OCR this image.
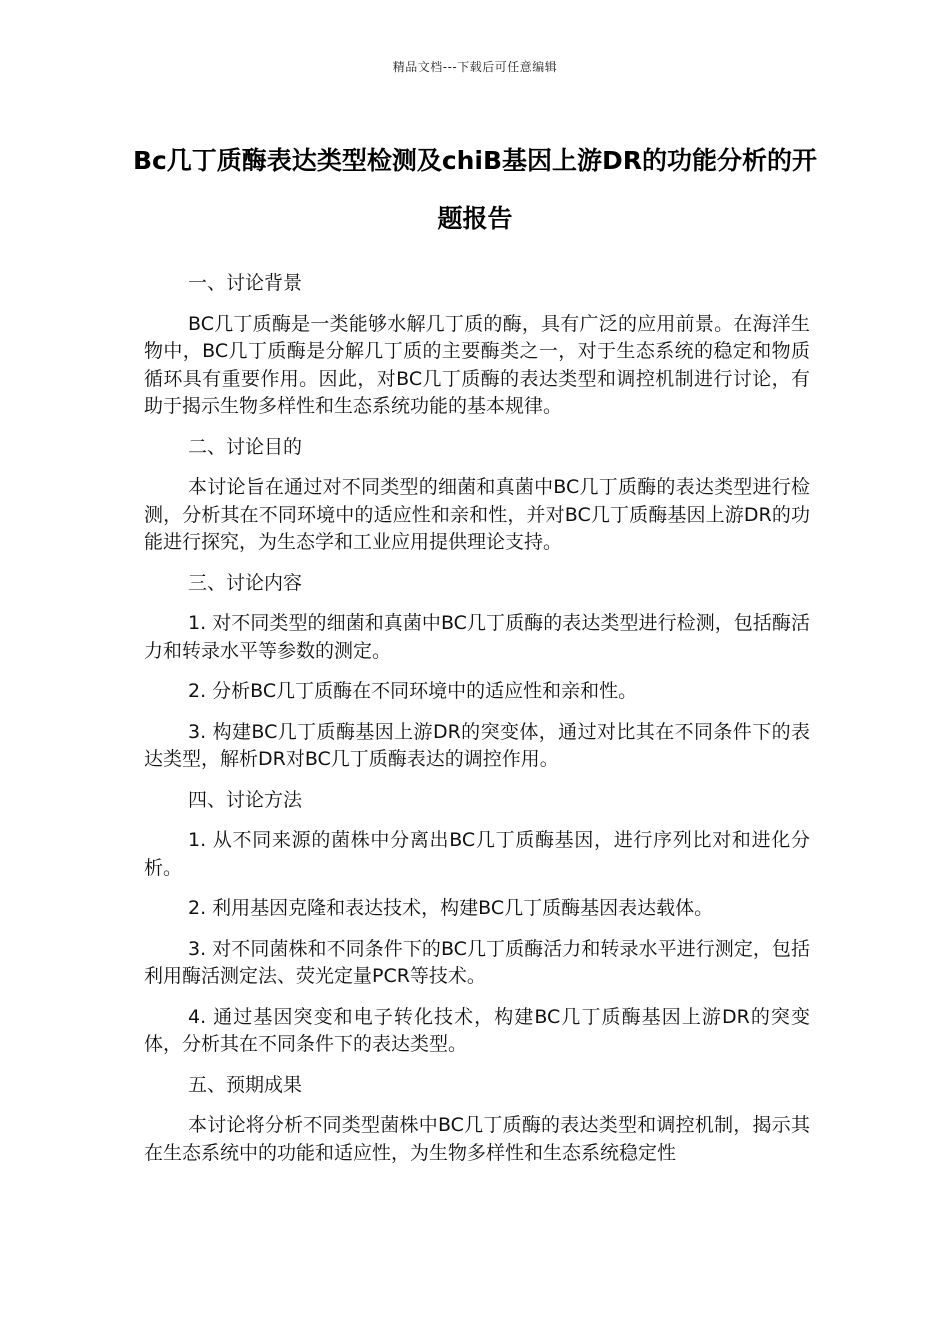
精品文档---下载后可任意编辑
Bc几丁质酶表达类型检测及chiB基因上游DR的功能分析的开题报告
一、讨论背景

BC几丁质酶是一类能够水解几丁质的酶，具有广泛的应用前景。在海洋生物中，BC几丁质酶是分解几丁质的主要酶类之一，对于生态系统的稳定和物质循环具有重要作用。因此，对BC几丁质酶的表达类型和调控机制进行讨论，有助于揭示生物多样性和生态系统功能的基本规律。

二、讨论目的

本讨论旨在通过对不同类型的细菌和真菌中BC几丁质酶的表达类型进行检测，分析其在不同环境中的适应性和亲和性，并对BC几丁质酶基因上游DR的功能进行探究，为生态学和工业应用提供理论支持。

三、讨论内容

1. 对不同类型的细菌和真菌中BC几丁质酶的表达类型进行检测，包括酶活力和转录水平等参数的测定。

2. 分析BC几丁质酶在不同环境中的适应性和亲和性。

3. 构建BC几丁质酶基因上游DR的突变体，通过对比其在不同条件下的表达类型，解析DR对BC几丁质酶表达的调控作用。

四、讨论方法

1. 从不同来源的菌株中分离出BC几丁质酶基因，进行序列比对和进化分析。

2. 利用基因克隆和表达技术，构建BC几丁质酶基因表达载体。

3. 对不同菌株和不同条件下的BC几丁质酶活力和转录水平进行测定，包括利用酶活测定法、荧光定量PCR等技术。

4. 通过基因突变和电子转化技术，构建BC几丁质酶基因上游DR的突变体，分析其在不同条件下的表达类型。

五、预期成果

本讨论将分析不同类型菌株中BC几丁质酶的表达类型和调控机制，揭示其在生态系统中的功能和适应性，为生物多样性和生态系统稳定性
